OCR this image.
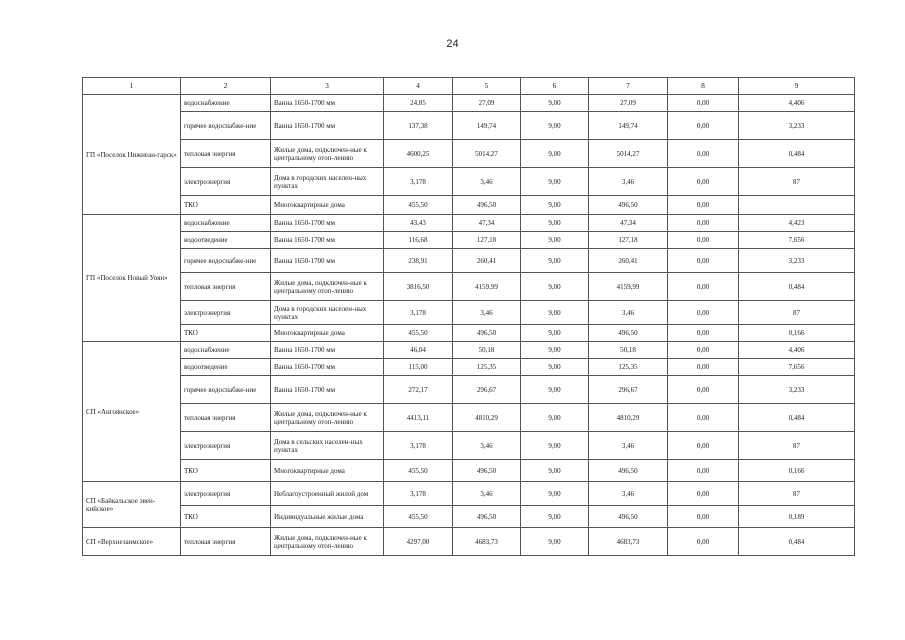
24
1	2	3	4	5	6	7	8	9
ГП «Поселок Нижнеан-гарск»	водоснабжение	Ванна 1650-1700 мм	24,85	27,09	9,00	27,09	0,00	4,406
	горячее водоснабже-ние	Ванна 1650-1700 мм	137,38	149,74	9,00	149,74	0,00	3,233
	тепловая энергия	Жилые дома, подключен-ные к центральному отоп-лению	4600,25	5014,27	9,00	5014,27	0,00	0,484
	электроэнергия	Дома в городских населен-ных пунктах	3,178	3,46	9,00	3,46	0,00	87
	ТКО	Многоквартирные дома	455,50	496,50	9,00	496,50	0,00	
ГП «Поселок Новый Уоян»	водоснабжение	Ванна 1650-1700 мм	43,43	47,34	9,00	47,34	0,00	4,423
	водоотведение	Ванна 1650-1700 мм	116,68	127,18	9,00	127,18	0,00	7,656
	горячее водоснабже-ние	Ванна 1650-1700 мм	238,91	260,41	9,00	260,41	0,00	3,233
	тепловая энергия	Жилые дома, подключен-ные к центральному отоп-лению	3816,50	4159,99	9,00	4159,99	0,00	0,484
	электроэнергия	Дома в городских населен-ных пунктах	3,178	3,46	9,00	3,46	0,00	87
	ТКО	Многоквартирные дома	455,50	496,50	9,00	496,50	0,00	0,166
СП «Ангоянское»	водоснабжение	Ванна 1650-1700 мм	46,04	50,18	9,00	50,18	0,00	4,406
	водоотведение	Ванна 1650-1700 мм	115,00	125,35	9,00	125,35	0,00	7,656
	горячее водоснабже-ние	Ванна 1650-1700 мм	272,17	296,67	9,00	296,67	0,00	3,233
	тепловая энергия	Жилые дома, подключен-ные к центральному отоп-лению	4413,11	4810,29	9,00	4810,29	0,00	0,484
	электроэнергия	Дома в сельских населен-ных пунктах	3,178	3,46	9,00	3,46	0,00	87
	ТКО	Многоквартирные дома	455,50	496,50	9,00	496,50	0,00	0,166
СП «Байкальское эвен-кийское»	электроэнергия	Неблагоустроенный жилой дом	3,178	3,46	9,00	3,46	0,00	87
	ТКО	Индивидуальные жилые дома	455,50	496,50	9,00	496,50	0,00	0,189
СП «Верхнезаимское»	тепловая энергия	Жилые дома, подключен-ные к центральному отоп-лению	4297,00	4683,73	9,00	4683,73	0,00	0,484
